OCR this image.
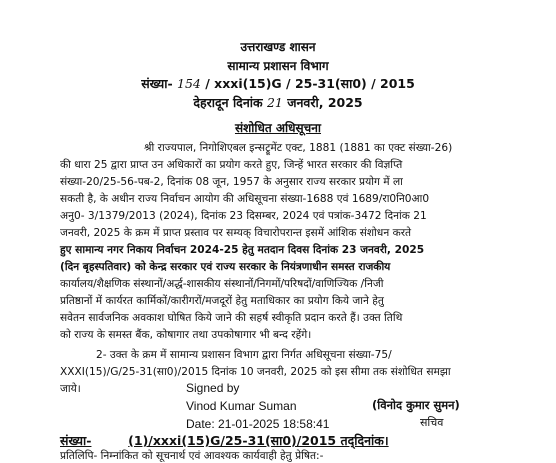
उत्तराखण्ड शासन
सामान्य प्रशासन विभाग
संख्या- 154 / xxxi(15)G / 25-31(सा0) / 2015
देहरादून दिनांक 21 जनवरी, 2025
संशोधित अधिसूचना
श्री राज्यपाल, निगोशिएबल इन्सट्रूमेंट एक्ट, 1881 (1881 का एक्ट संख्या-26)
की धारा 25 द्वारा प्राप्त उन अधिकारों का प्रयोग करते हुए, जिन्हें भारत सरकार की विज्ञप्ति
संख्या-20/25-56-पब-2, दिनांक 08 जून, 1957 के अनुसार राज्य सरकार प्रयोग में ला
सकती है, के अधीन राज्य निर्वाचन आयोग की अधिसूचना संख्या-1688 एवं 1689/रा0नि0आ0
अनु0- 3/1379/2013 (2024), दिनांक 23 दिसम्बर, 2024 एवं पत्रांक-3472 दिनांक 21
जनवरी, 2025 के क्रम में प्राप्त प्रस्ताव पर सम्यक् विचारोपरान्त इसमें आंशिक संशोधन करते
हुए सामान्य नगर निकाय निर्वाचन 2024-25 हेतु मतदान दिवस दिनांक 23 जनवरी, 2025
(दिन बृहस्पतिवार) को केन्द्र सरकार एवं राज्य सरकार के नियंत्रणाधीन समस्त राजकीय
कार्यालय/शैक्षणिक संस्थानों/अर्द्ध-शासकीय संस्थानों/निगमों/परिषदों/वाणिज्यिक /निजी
प्रतिष्ठानों में कार्यरत कार्मिकों/कारीगरों/मजदूरों हेतु मताधिकार का प्रयोग किये जाने हेतु
सवेतन सार्वजनिक अवकाश घोषित किये जाने की सहर्ष स्वीकृति प्रदान करते हैं। उक्त तिथि
को राज्य के समस्त बैंक, कोषागार तथा उपकोषागार भी बन्द रहेंगे।
2- उक्त के क्रम में सामान्य प्रशासन विभाग द्वारा निर्गत अधिसूचना संख्या-75/
XXXI(15)/G/25-31(सा0)/2015 दिनांक 10 जनवरी, 2025 को इस सीमा तक संशोधित समझा
जाये।	Signed by
Vinod Kumar Suman
Date: 21-01-2025 18:58:41
(विनोद कुमार सुमन)
सचिव
संख्या-	(1)/xxxi(15)G/25-31(सा0)/2015 तद्‌दिनांक।
प्रतिलिपि- निम्नांकित को सूचनार्थ एवं आवश्यक कार्यवाही हेतु प्रेषित:-
